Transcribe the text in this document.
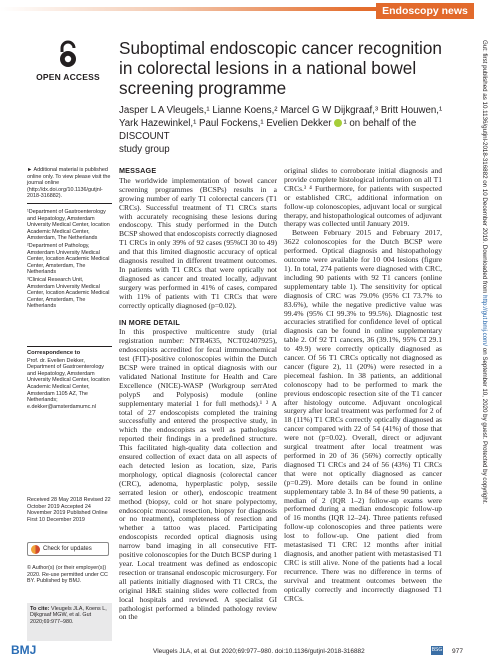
Endoscopy news
OPEN ACCESS
Suboptimal endoscopic cancer recognition in colorectal lesions in a national bowel screening programme
Jasper L A Vleugels,¹ Lianne Koens,² Marcel G W Dijkgraaf,³ Britt Houwen,¹
Yark Hazewinkel,¹ Paul Fockens,¹ Evelien Dekker ¹ on behalf of the DISCOUNT
study group

► Additional material is published online only. To view please visit the journal online (http://dx.doi.org/10.1136/gutjnl-2018-316882).

¹Department of Gastroenterology and Hepatology, Amsterdam University Medical Center, location Academic Medical Center, Amsterdam, The Netherlands

²Department of Pathology, Amsterdam University Medical Center, location Academic Medical Center, Amsterdam, The Netherlands

³Clinical Research Unit, Amsterdam University Medical Center, location Academic Medical Center, Amsterdam, The Netherlands

Correspondence to

Prof. dr. Evelien Dekker, Department of Gastroenterology and Hepatology, Amsterdam University Medical Center, location Academic Medical Center, Amsterdam 1105 AZ, The Netherlands; e.dekker@amsterdamumc.nl

Received 28 May 2018 Revised 22 October 2019 Accepted 24 November 2019 Published Online First 10 December 2019

Check for updates

© Author(s) (or their employer(s)) 2020. Re-use permitted under CC BY. Published by BMJ.

To cite: Vleugels JLA, Koens L, Dijkgraaf MGW, et al. Gut 2020;69:977–980.
BMJ
MESSAGE

The worldwide implementation of bowel cancer screening programmes (BCSPs) results in a growing number of early T1 colorectal cancers (T1 CRCs). Successful treatment of T1 CRCs starts with accurately recognising these lesions during endoscopy. This study performed in the Dutch BCSP showed that endoscopists correctly diagnosed T1 CRCs in only 39% of 92 cases (95%CI 30 to 49) and that this limited diagnostic accuracy of optical diagnosis resulted in different treatment outcomes. In patients with T1 CRCs that were optically not diagnosed as cancer and treated locally, adjuvant surgery was performed in 41% of cases, compared with 11% of patients with T1 CRCs that were correctly optically diagnosed (p=0.02).

IN MORE DETAIL

In this prospective multicentre study (trial registration number: NTR4635, NCT02407925), endoscopists accredited for fecal immunochemical test (FIT)-positive colonoscopies within the Dutch BCSP were trained in optical diagnosis with our validated National Institute for Health and Care Excellence (NICE)-WASP (Workgroup serrAted polypS and Polyposis) module (online supplementary material 1 for full methods).¹ ² A total of 27 endoscopists completed the training successfully and entered the prospective study, in which the endoscopists as well as pathologists reported their findings in a predefined structure. This facilitated high-quality data collection and ensured collection of exact data on all aspects of each detected lesion as location, size, Paris morphology, optical diagnosis (colorectal cancer (CRC), adenoma, hyperplastic polyp, sessile serrated lesion or other), endoscopic treatment method (biopsy, cold or hot snare polypectomy, endoscopic mucosal resection, biopsy for diagnosis or no treatment), completeness of resection and whether a tattoo was placed. Participating endoscopists recorded optical diagnosis using narrow band imaging in all consecutive FIT-positive colonoscopies for the Dutch BCSP during 1 year. Local treatment was defined as endoscopic resection or transanal endoscopic microsurgery. For all patients initially diagnosed with T1 CRCs, the original H&E staining slides were collected from local hospitals and reviewed. A specialist GI pathologist performed a blinded pathology review on the

original slides to corroborate initial diagnosis and provide complete histological information on all T1 CRCs.³ ⁴ Furthermore, for patients with suspected or established CRC, additional information on follow-up colonoscopies, adjuvant local or surgical therapy, and histopathological outcomes of adjuvant therapy was collected until January 2019.

Between February 2015 and February 2017, 3622 colonoscopies for the Dutch BCSP were performed. Optical diagnosis and histopathology outcome were available for 10 004 lesions (figure 1). In total, 274 patients were diagnosed with CRC, including 90 patients with 92 T1 cancers (online supplementary table 1). The sensitivity for optical diagnosis of CRC was 79.0% (95% CI 73.7% to 83.6%), while the negative predictive value was 99.4% (95% CI 99.3% to 99.5%). Diagnostic test accuracies stratified for confidence level of optical diagnosis can be found in online supplementary table 2. Of 92 T1 cancers, 36 (39.1%, 95% CI 29.1 to 49.9) were correctly optically diagnosed as cancer. Of 56 T1 CRCs optically not diagnosed as cancer (figure 2), 11 (20%) were resected in a piecemeal fashion. In 38 patients, an additional colonoscopy had to be performed to mark the previous endoscopic resection site of the T1 cancer after histology outcome. Adjuvant oncological surgery after local treatment was performed for 2 of 18 (11%) T1 CRCs correctly optically diagnosed as cancer compared with 22 of 54 (41%) of those that were not (p=0.02). Overall, direct or adjuvant surgical treatment after local treatment was performed in 20 of 36 (56%) correctly optically diagnosed T1 CRCs and 24 of 56 (43%) T1 CRCs that were not optically diagnosed as cancer (p=0.29). More details can be found in online supplementary table 3. In 84 of these 90 patients, a median of 2 (IQR 1–2) follow-up exams were performed during a median endoscopic follow-up of 16 months (IQR 12–24). Three patients refused follow-up colonoscopies and three patients were lost to follow-up. One patient died from metastasised T1 CRC 12 months after initial diagnosis, and another patient with metastasised T1 CRC is still alive. None of the patients had a local recurrence. There was no difference in terms of survival and treatment outcomes between the optically correctly and incorrectly diagnosed T1 CRCs.

Gut: first published as 10.1136/gutjnl-2018-316882 on 10 December 2019. Downloaded from http://gut.bmj.com/ on September 10, 2020 by guest. Protected by copyright.
Vleugels JLA, et al. Gut 2020;69:977–980. doi:10.1136/gutjnl-2018-316882	BSG 977
